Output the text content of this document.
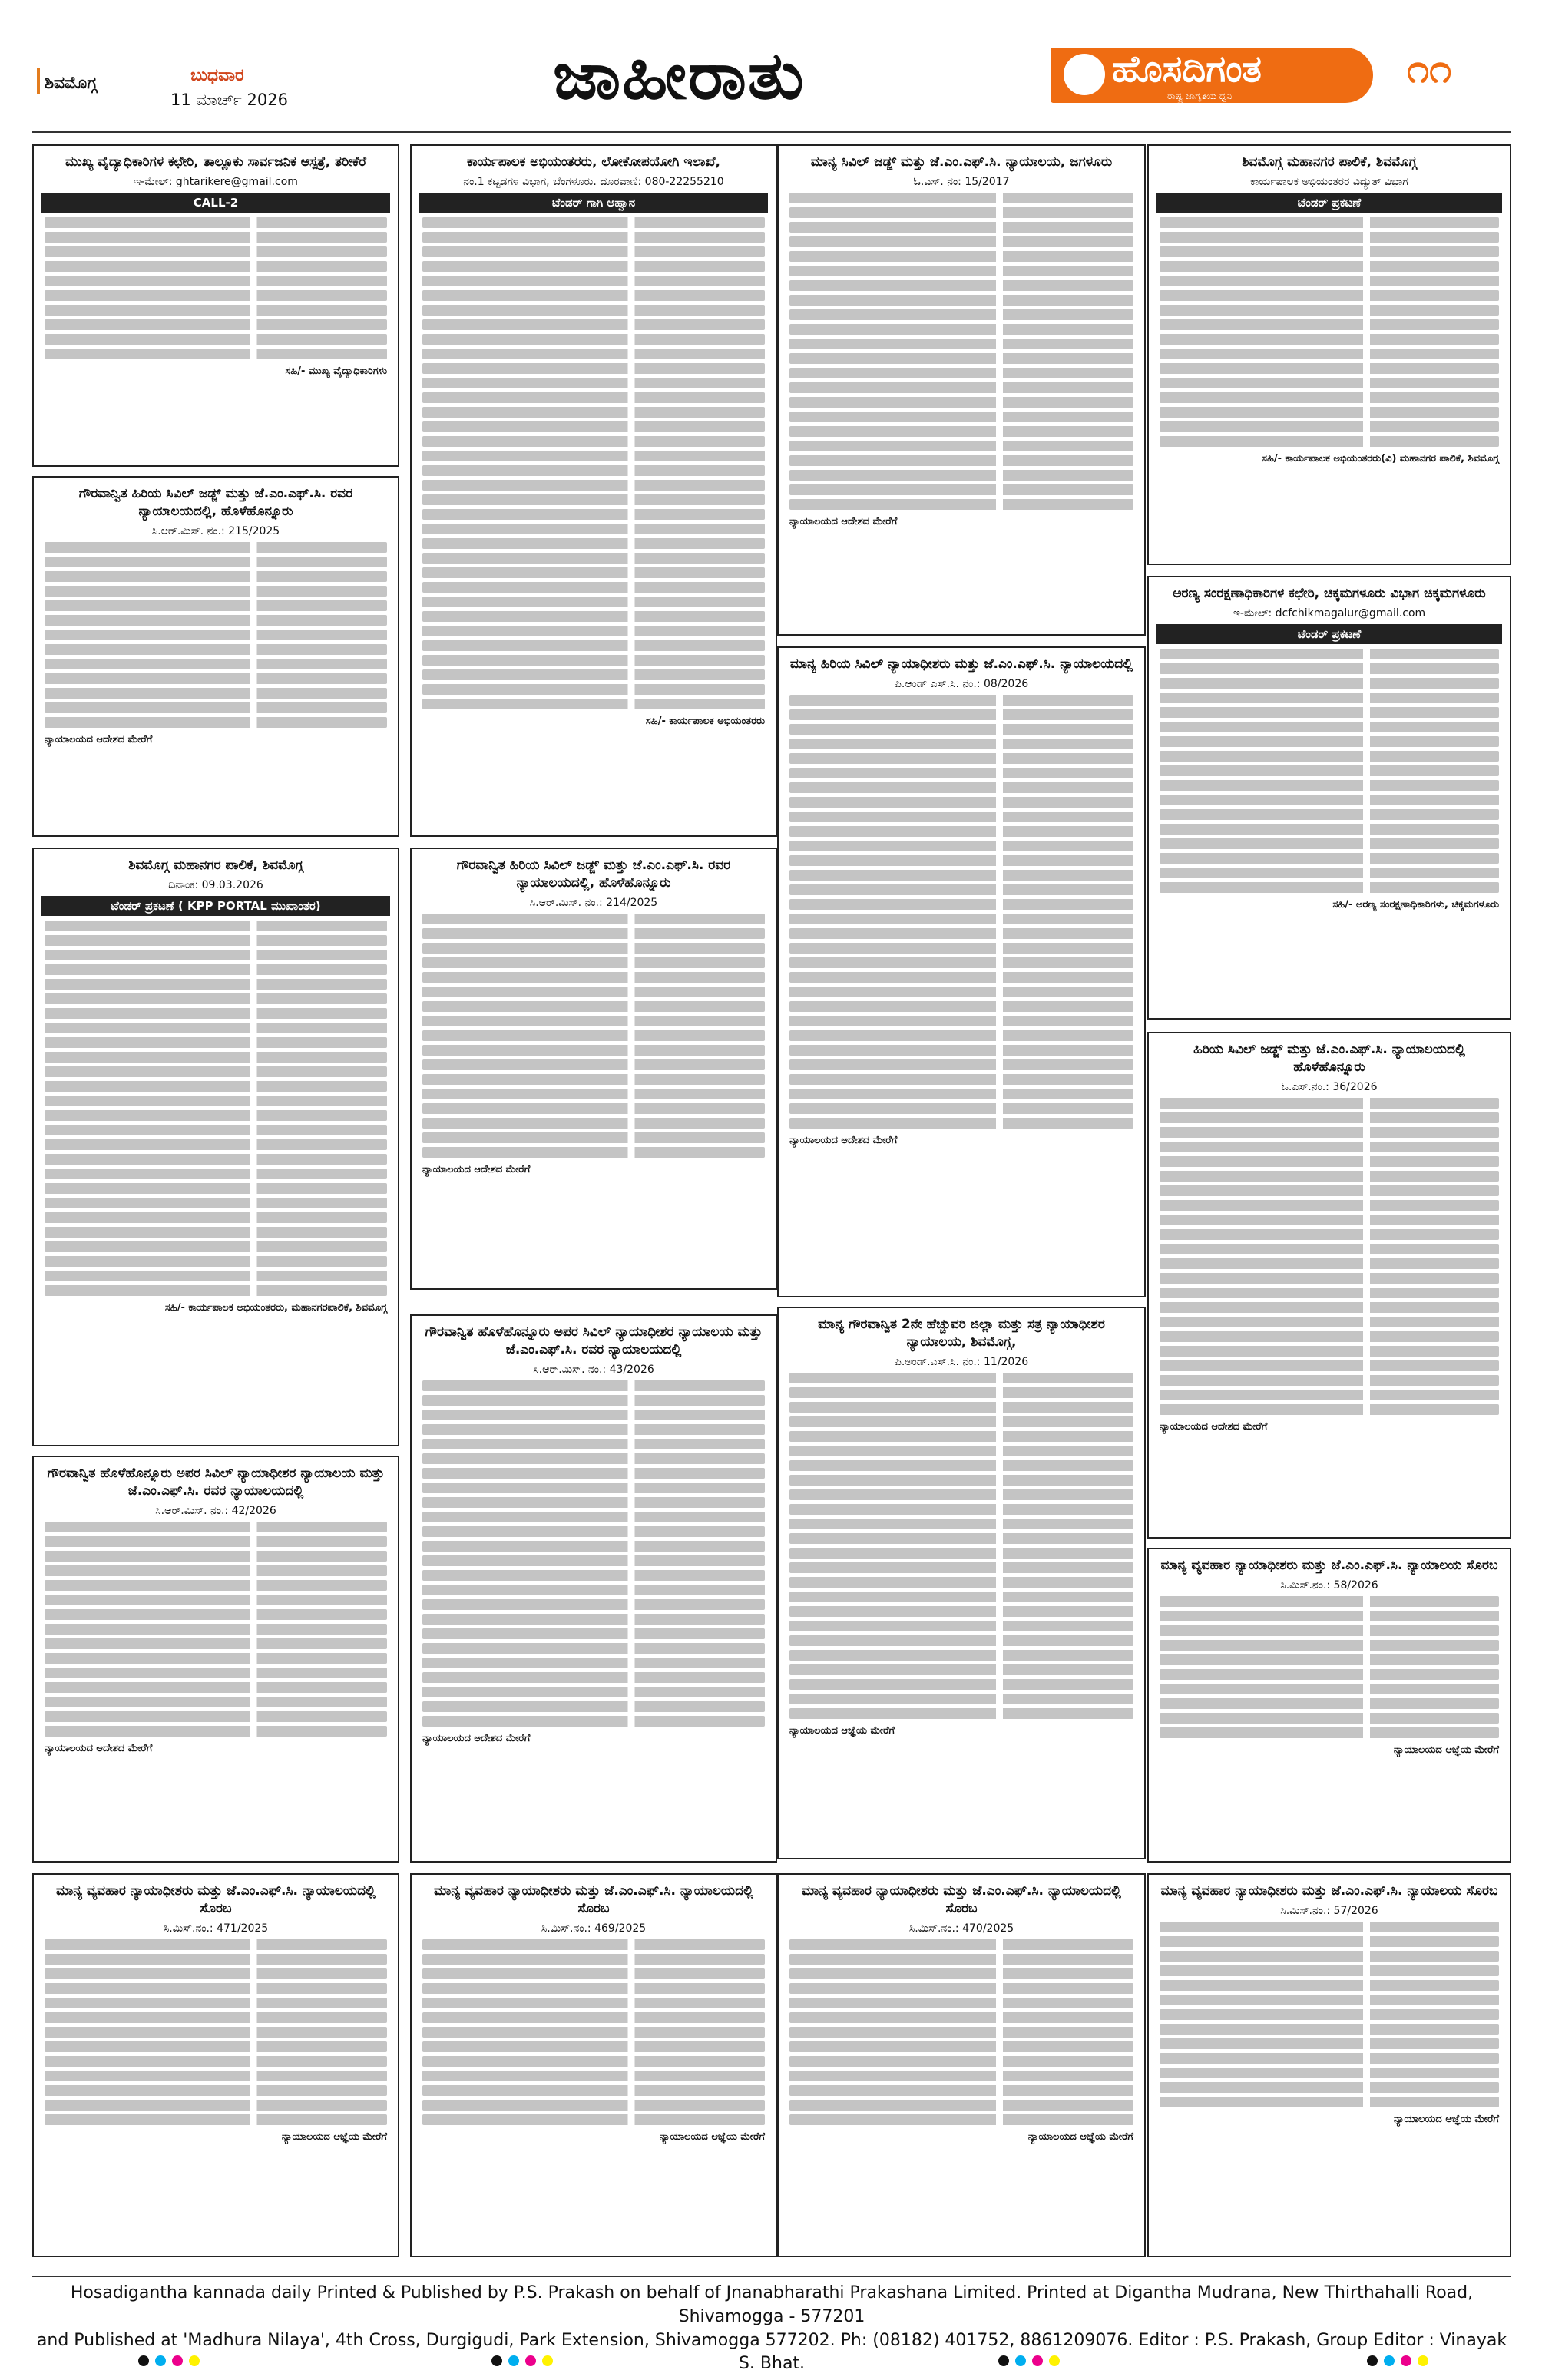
ಶಿವಮೊಗ್ಗ	ಬುಧವಾರ
11 ಮಾರ್ಚ್ 2026	ಜಾಹೀರಾತು	ಹೊಸದಿಗಂತ
ರಾಷ್ಟ್ರ ಜಾಗೃತಿಯ ಧ್ವನಿ
೧೧
ಮುಖ್ಯ ವೈದ್ಯಾಧಿಕಾರಿಗಳ ಕಛೇರಿ, ತಾಲ್ಲೂಕು ಸಾರ್ವಜನಿಕ ಆಸ್ಪತ್ರೆ, ತರೀಕೆರೆ
ಇ-ಮೇಲ್: ghtarikere@gmail.com
CALL-2
ಸಹಿ/- ಮುಖ್ಯ ವೈದ್ಯಾಧಿಕಾರಿಗಳು
ಕಾರ್ಯಪಾಲಕ ಅಭಿಯಂತರರು, ಲೋಕೋಪಯೋಗಿ ಇಲಾಖೆ,
ನಂ.1 ಕಟ್ಟಡಗಳ ವಿಭಾಗ, ಬೆಂಗಳೂರು. ದೂರವಾಣಿ: 080-22255210
ಟೆಂಡರ್ ಗಾಗಿ ಆಹ್ವಾನ
ಸಹಿ/- ಕಾರ್ಯಪಾಲಕ ಅಭಿಯಂತರರು
ಮಾನ್ಯ ಸಿವಿಲ್ ಜಡ್ಜ್ ಮತ್ತು ಜೆ.ಎಂ.ಎಫ್.ಸಿ. ನ್ಯಾಯಾಲಯ, ಜಗಳೂರು
ಓ.ಎಸ್. ನಂ: 15/2017
ನ್ಯಾಯಾಲಯದ ಆದೇಶದ ಮೇರೆಗೆ
ಶಿವಮೊಗ್ಗ ಮಹಾನಗರ ಪಾಲಿಕೆ, ಶಿವಮೊಗ್ಗ
ಕಾರ್ಯಪಾಲಕ ಅಭಿಯಂತರರ ವಿದ್ಯುತ್ ವಿಭಾಗ
ಟೆಂಡರ್ ಪ್ರಕಟಣೆ
ಸಹಿ/- ಕಾರ್ಯಪಾಲಕ ಅಭಿಯಂತರರು(ವಿ) ಮಹಾನಗರ ಪಾಲಿಕೆ, ಶಿವಮೊಗ್ಗ
ಗೌರವಾನ್ವಿತ ಹಿರಿಯ ಸಿವಿಲ್ ಜಡ್ಜ್ ಮತ್ತು ಜೆ.ಎಂ.ಎಫ್.ಸಿ. ರವರ ನ್ಯಾಯಾಲಯದಲ್ಲಿ, ಹೊಳೆಹೊನ್ನೂರು
ಸಿ.ಆರ್.ಮಿಸ್. ನಂ.: 215/2025
ನ್ಯಾಯಾಲಯದ ಆದೇಶದ ಮೇರೆಗೆ
ಶಿವಮೊಗ್ಗ ಮಹಾನಗರ ಪಾಲಿಕೆ, ಶಿವಮೊಗ್ಗ
ದಿನಾಂಕ: 09.03.2026
ಟೆಂಡರ್ ಪ್ರಕಟಣೆ ( KPP PORTAL ಮುಖಾಂತರ)
ಸಹಿ/- ಕಾರ್ಯಪಾಲಕ ಅಭಿಯಂತರರು, ಮಹಾನಗರಪಾಲಿಕೆ, ಶಿವಮೊಗ್ಗ
ಗೌರವಾನ್ವಿತ ಹಿರಿಯ ಸಿವಿಲ್ ಜಡ್ಜ್ ಮತ್ತು ಜೆ.ಎಂ.ಎಫ್.ಸಿ. ರವರ ನ್ಯಾಯಾಲಯದಲ್ಲಿ, ಹೊಳೆಹೊನ್ನೂರು
ಸಿ.ಆರ್.ಮಿಸ್. ನಂ.: 214/2025
ನ್ಯಾಯಾಲಯದ ಆದೇಶದ ಮೇರೆಗೆ
ಮಾನ್ಯ ಹಿರಿಯ ಸಿವಿಲ್ ನ್ಯಾಯಾಧೀಶರು ಮತ್ತು ಜೆ.ಎಂ.ಎಫ್.ಸಿ. ನ್ಯಾಯಾಲಯದಲ್ಲಿ
ಪಿ.ಆಂಡ್ ಎಸ್.ಸಿ. ನಂ.: 08/2026
ನ್ಯಾಯಾಲಯದ ಆದೇಶದ ಮೇರೆಗೆ
ಅರಣ್ಯ ಸಂರಕ್ಷಣಾಧಿಕಾರಿಗಳ ಕಛೇರಿ, ಚಿಕ್ಕಮಗಳೂರು ವಿಭಾಗ ಚಿಕ್ಕಮಗಳೂರು
ಇ-ಮೇಲ್: dcfchikmagalur@gmail.com
ಟೆಂಡರ್ ಪ್ರಕಟಣೆ
ಸಹಿ/- ಅರಣ್ಯ ಸಂರಕ್ಷಣಾಧಿಕಾರಿಗಳು, ಚಿಕ್ಕಮಗಳೂರು
ಹಿರಿಯ ಸಿವಿಲ್ ಜಡ್ಜ್ ಮತ್ತು ಜೆ.ಎಂ.ಎಫ್.ಸಿ. ನ್ಯಾಯಾಲಯದಲ್ಲಿ ಹೊಳೆಹೊನ್ನೂರು
ಓ.ಎಸ್.ನಂ.: 36/2026
ನ್ಯಾಯಾಲಯದ ಆದೇಶದ ಮೇರೆಗೆ
ಗೌರವಾನ್ವಿತ ಹೊಳೆಹೊನ್ನೂರು ಅಪರ ಸಿವಿಲ್ ನ್ಯಾಯಾಧೀಶರ ನ್ಯಾಯಾಲಯ ಮತ್ತು ಜೆ.ಎಂ.ಎಫ್.ಸಿ. ರವರ ನ್ಯಾಯಾಲಯದಲ್ಲಿ
ಸಿ.ಆರ್.ಮಿಸ್. ನಂ.: 42/2026
ನ್ಯಾಯಾಲಯದ ಆದೇಶದ ಮೇರೆಗೆ
ಗೌರವಾನ್ವಿತ ಹೊಳೆಹೊನ್ನೂರು ಅಪರ ಸಿವಿಲ್ ನ್ಯಾಯಾಧೀಶರ ನ್ಯಾಯಾಲಯ ಮತ್ತು ಜೆ.ಎಂ.ಎಫ್.ಸಿ. ರವರ ನ್ಯಾಯಾಲಯದಲ್ಲಿ
ಸಿ.ಆರ್.ಮಿಸ್. ನಂ.: 43/2026
ನ್ಯಾಯಾಲಯದ ಆದೇಶದ ಮೇರೆಗೆ
ಮಾನ್ಯ ಗೌರವಾನ್ವಿತ 2ನೇ ಹೆಚ್ಚುವರಿ ಜಿಲ್ಲಾ ಮತ್ತು ಸತ್ರ ನ್ಯಾಯಾಧೀಶರ ನ್ಯಾಯಾಲಯ, ಶಿವಮೊಗ್ಗ,
ಪಿ.ಅಂಡ್.ಎಸ್.ಸಿ. ನಂ.: 11/2026
ನ್ಯಾಯಾಲಯದ ಆಜ್ಞೆಯ ಮೇರೆಗೆ
ಮಾನ್ಯ ವ್ಯವಹಾರ ನ್ಯಾಯಾಧೀಶರು ಮತ್ತು ಜೆ.ಎಂ.ಎಫ್.ಸಿ. ನ್ಯಾಯಾಲಯ ಸೊರಬ
ಸಿ.ಮಿಸ್.ನಂ.: 58/2026
ನ್ಯಾಯಾಲಯದ ಆಜ್ಞೆಯ ಮೇರೆಗೆ
ಮಾನ್ಯ ವ್ಯವಹಾರ ನ್ಯಾಯಾಧೀಶರು ಮತ್ತು ಜೆ.ಎಂ.ಎಫ್.ಸಿ. ನ್ಯಾಯಾಲಯದಲ್ಲಿ ಸೊರಬ
ಸಿ.ಮಿಸ್.ನಂ.: 471/2025
ನ್ಯಾಯಾಲಯದ ಆಜ್ಞೆಯ ಮೇರೆಗೆ
ಮಾನ್ಯ ವ್ಯವಹಾರ ನ್ಯಾಯಾಧೀಶರು ಮತ್ತು ಜೆ.ಎಂ.ಎಫ್.ಸಿ. ನ್ಯಾಯಾಲಯದಲ್ಲಿ ಸೊರಬ
ಸಿ.ಮಿಸ್.ನಂ.: 469/2025
ನ್ಯಾಯಾಲಯದ ಆಜ್ಞೆಯ ಮೇರೆಗೆ
ಮಾನ್ಯ ವ್ಯವಹಾರ ನ್ಯಾಯಾಧೀಶರು ಮತ್ತು ಜೆ.ಎಂ.ಎಫ್.ಸಿ. ನ್ಯಾಯಾಲಯದಲ್ಲಿ ಸೊರಬ
ಸಿ.ಮಿಸ್.ನಂ.: 470/2025
ನ್ಯಾಯಾಲಯದ ಆಜ್ಞೆಯ ಮೇರೆಗೆ
ಮಾನ್ಯ ವ್ಯವಹಾರ ನ್ಯಾಯಾಧೀಶರು ಮತ್ತು ಜೆ.ಎಂ.ಎಫ್.ಸಿ. ನ್ಯಾಯಾಲಯ ಸೊರಬ
ಸಿ.ಮಿಸ್.ನಂ.: 57/2026
ನ್ಯಾಯಾಲಯದ ಆಜ್ಞೆಯ ಮೇರೆಗೆ
Hosadigantha kannada daily Printed & Published by P.S. Prakash on behalf of Jnanabharathi Prakashana Limited. Printed at Digantha Mudrana, New Thirthahalli Road, Shivamogga - 577201
and Published at 'Madhura Nilaya', 4th Cross, Durgigudi, Park Extension, Shivamogga 577202. Ph: (08182) 401752, 8861209076. Editor : P.S. Prakash, Group Editor : Vinayak S. Bhat.
